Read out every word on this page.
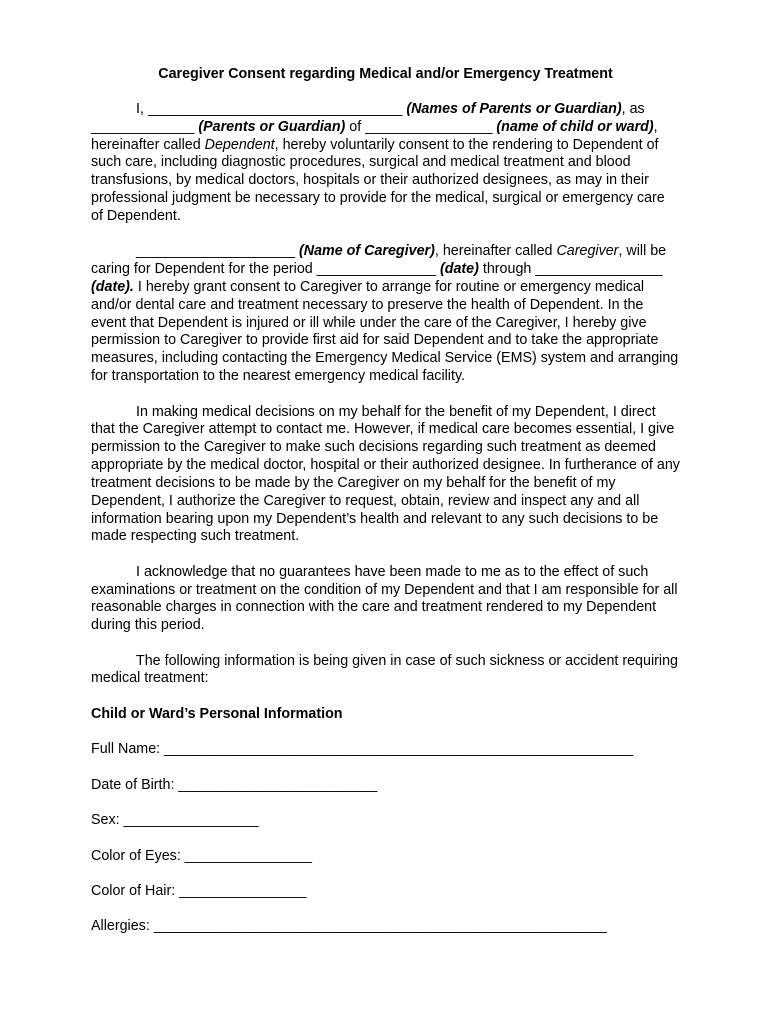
Caregiver Consent regarding Medical and/or Emergency Treatment

I, ________________________________ (Names of Parents or Guardian), as _____________ (Parents or Guardian) of ________________ (name of child or ward), hereinafter called Dependent, hereby voluntarily consent to the rendering to Dependent of such care, including diagnostic procedures, surgical and medical treatment and blood transfusions, by medical doctors, hospitals or their authorized designees, as may in their professional judgment be necessary to provide for the medical, surgical or emergency care of Dependent.

____________________ (Name of Caregiver), hereinafter called Caregiver, will be caring for Dependent for the period _______________ (date) through ________________ (date). I hereby grant consent to Caregiver to arrange for routine or emergency medical and/or dental care and treatment necessary to preserve the health of Dependent. In the event that Dependent is injured or ill while under the care of the Caregiver, I hereby give permission to Caregiver to provide first aid for said Dependent and to take the appropriate measures, including contacting the Emergency Medical Service (EMS) system and arranging for transportation to the nearest emergency medical facility.

In making medical decisions on my behalf for the benefit of my Dependent, I direct that the Caregiver attempt to contact me. However, if medical care becomes essential, I give permission to the Caregiver to make such decisions regarding such treatment as deemed appropriate by the medical doctor, hospital or their authorized designee. In furtherance of any treatment decisions to be made by the Caregiver on my behalf for the benefit of my Dependent, I authorize the Caregiver to request, obtain, review and inspect any and all information bearing upon my Dependent’s health and relevant to any such decisions to be made respecting such treatment.

I acknowledge that no guarantees have been made to me as to the effect of such examinations or treatment on the condition of my Dependent and that I am responsible for all reasonable charges in connection with the care and treatment rendered to my Dependent during this period.

The following information is being given in case of such sickness or accident requiring medical treatment:

Child or Ward’s Personal Information
Full Name: ___________________________________________________________
Date of Birth: _________________________
Sex: _________________
Color of Eyes: ________________
Color of Hair: ________________
Allergies: _________________________________________________________
